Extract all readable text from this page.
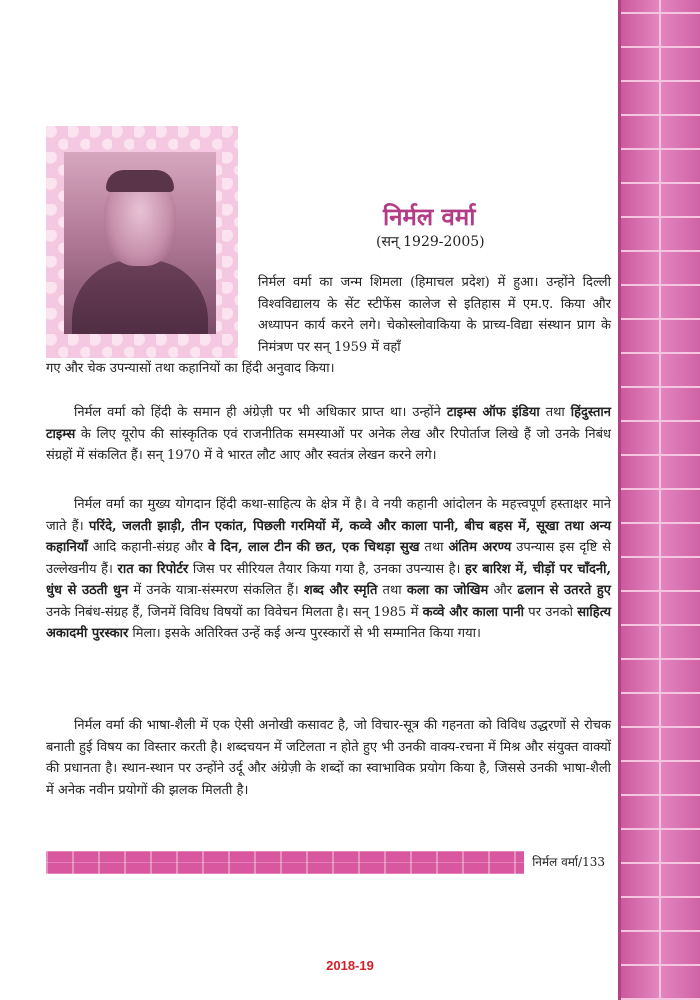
निर्मल वर्मा
(सन् 1929-2005)

निर्मल वर्मा का जन्म शिमला (हिमाचल प्रदेश) में हुआ। उन्होंने दिल्ली विश्वविद्यालय के सेंट स्टीफेंस कालेज से इतिहास में एम.ए. किया और अध्यापन कार्य करने लगे। चेकोस्लोवाकिया के प्राच्य-विद्या संस्थान प्राग के निमंत्रण पर सन् 1959 में वहाँ
गए और चेक उपन्यासों तथा कहानियों का हिंदी अनुवाद किया।

निर्मल वर्मा को हिंदी के समान ही अंग्रेज़ी पर भी अधिकार प्राप्त था। उन्होंने टाइम्स ऑफ इंडिया तथा हिंदुस्तान टाइम्स के लिए यूरोप की सांस्कृतिक एवं राजनीतिक समस्याओं पर अनेक लेख और रिपोर्ताज लिखे हैं जो उनके निबंध संग्रहों में संकलित हैं। सन् 1970 में वे भारत लौट आए और स्वतंत्र लेखन करने लगे।

निर्मल वर्मा का मुख्य योगदान हिंदी कथा-साहित्य के क्षेत्र में है। वे नयी कहानी आंदोलन के महत्त्वपूर्ण हस्ताक्षर माने जाते हैं। परिंदे, जलती झाड़ी, तीन एकांत, पिछली गरमियों में, कव्वे और काला पानी, बीच बहस में, सूखा तथा अन्य कहानियाँ आदि कहानी-संग्रह और वे दिन, लाल टीन की छत, एक चिथड़ा सुख तथा अंतिम अरण्य उपन्यास इस दृष्टि से उल्लेखनीय हैं। रात का रिपोर्टर जिस पर सीरियल तैयार किया गया है, उनका उपन्यास है। हर बारिश में, चीड़ों पर चाँदनी, धुंध से उठती धुन में उनके यात्रा-संस्मरण संकलित हैं। शब्द और स्मृति तथा कला का जोखिम और ढलान से उतरते हुए उनके निबंध-संग्रह हैं, जिनमें विविध विषयों का विवेचन मिलता है। सन् 1985 में कव्वे और काला पानी पर उनको साहित्य अकादमी पुरस्कार मिला। इसके अतिरिक्त उन्हें कई अन्य पुरस्कारों से भी सम्मानित किया गया।

निर्मल वर्मा की भाषा-शैली में एक ऐसी अनोखी कसावट है, जो विचार-सूत्र की गहनता को विविध उद्धरणों से रोचक बनाती हुई विषय का विस्तार करती है। शब्दचयन में जटिलता न होते हुए भी उनकी वाक्य-रचना में मिश्र और संयुक्त वाक्यों की प्रधानता है। स्थान-स्थान पर उन्होंने उर्दू और अंग्रेज़ी के शब्दों का स्वाभाविक प्रयोग किया है, जिससे उनकी भाषा-शैली में अनेक नवीन प्रयोगों की झलक मिलती है।

निर्मल वर्मा/133
2018-19
